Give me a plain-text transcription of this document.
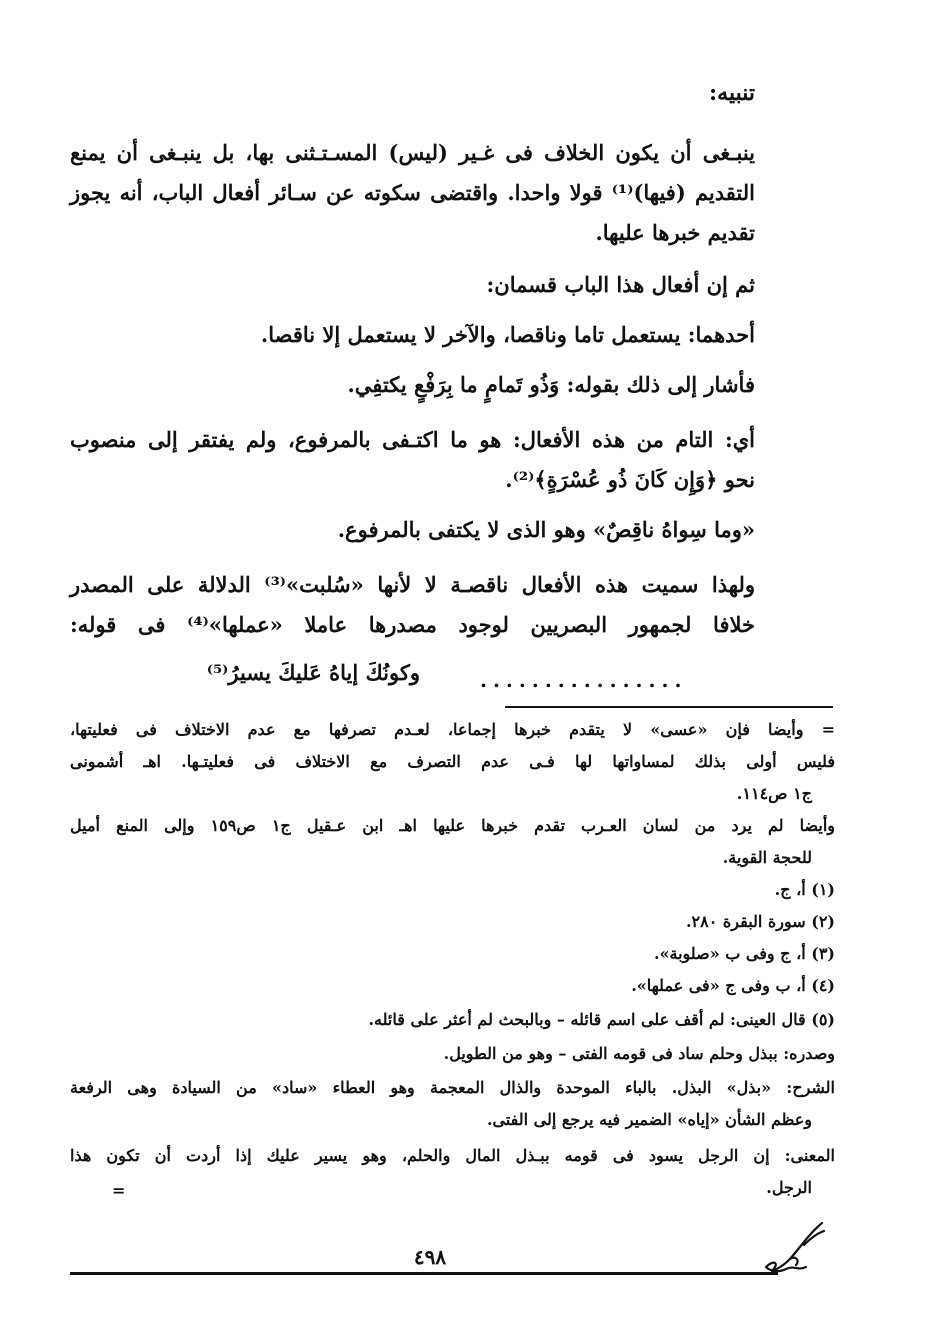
تنبيه:
ينبـغى أن يكون الخلاف فى غـير (ليس) المسـتـثنى بها، بل ينبـغى أن يمنع
التقديم (فيها)⁽¹⁾ قولا واحدا. واقتضى سكوته عن سـائر أفعال الباب، أنه يجوز
تقديم خبرها عليها.
ثم إن أفعال هذا الباب قسمان:
أحدهما: يستعمل تاما وناقصا، والآخر لا يستعمل إلا ناقصا.
فأشار إلى ذلك بقوله: وَذُو تَمامٍ ما بِرَفْعٍ يكتفِي.
أي: التام من هذه الأفعال: هو ما اكتـفى بالمرفوع، ولم يفتقر إلى منصوب
نحو ﴿وَإِن كَانَ ذُو عُسْرَةٍ﴾⁽²⁾.
«وما سِواهُ ناقِصٌ» وهو الذى لا يكتفى بالمرفوع.
ولهذا سميت هذه الأفعال ناقصـة لا لأنها «سُلبت»⁽³⁾ الدلالة على المصدر
خلافا لجمهور البصريين لوجود مصدرها عاملا «عملها»⁽⁴⁾ فى قوله:
وكونُكَ إياهُ عَليكَ يسيرُ⁽⁵⁾	................
= وأيضا فإن «عسى» لا يتقدم خبرها إجماعا، لعـدم تصرفها مع عدم الاختلاف فى فعليتها،
فليس أولى بذلك لمساواتها لها فـى عدم التصرف مع الاختلاف فى فعليتـها. اهـ أشمونى
ج١ ص١١٤.
وأيضا لم يرد من لسان العـرب تقدم خبرها عليها اهـ ابن عـقيل ج١ ص١٥٩ وإلى المنع أميل
للحجة القوية.
(١) أ، ج.
(٢) سورة البقرة ٢٨٠.
(٣) أ، ج وفى ب «صلوبة».
(٤) أ، ب وفى ج «فى عملها».
(٥) قال العينى: لم أقف على اسم قائله – وبالبحث لم أعثر على قائله.
وصدره: ببذل وحلم ساد فى قومه الفتى – وهو من الطويل.
الشرح: «بذل» البذل. بالباء الموحدة والذال المعجمة وهو العطاء «ساد» من السيادة وهى الرفعة
وعظم الشأن «إياه» الضمير فيه يرجع إلى الفتى.
المعنى: إن الرجل يسود فى قومه ببـذل المال والحلم، وهو يسير عليك إذا أردت أن تكون هذا
الرجل.
=
٤٩٨
